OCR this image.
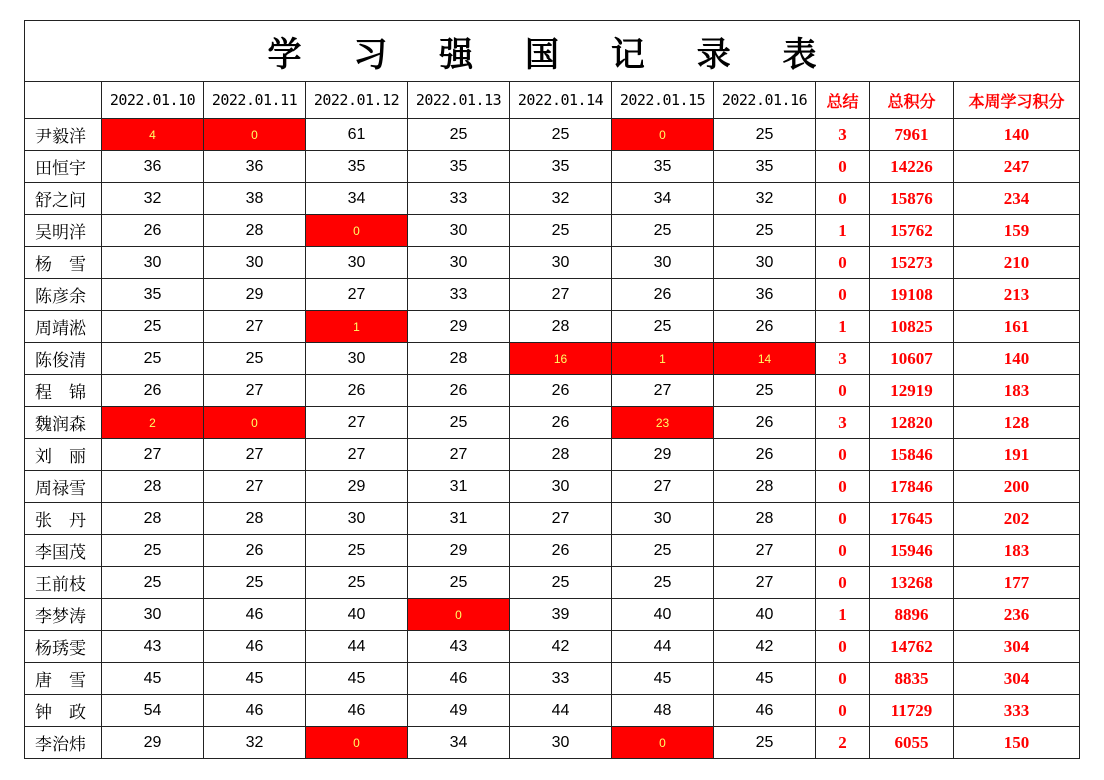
学 习 强 国 记 录 表										
	2022.01.10	2022.01.11	2022.01.12	2022.01.13	2022.01.14	2022.01.15	2022.01.16	总结	总积分	本周学习积分
尹毅洋	4	0	61	25	25	0	25	3	7961	140
田恒宇	36	36	35	35	35	35	35	0	14226	247
舒之问	32	38	34	33	32	34	32	0	15876	234
吴明洋	26	28	0	30	25	25	25	1	15762	159
杨　雪	30	30	30	30	30	30	30	0	15273	210
陈彦余	35	29	27	33	27	26	36	0	19108	213
周靖淞	25	27	1	29	28	25	26	1	10825	161
陈俊清	25	25	30	28	16	1	14	3	10607	140
程　锦	26	27	26	26	26	27	25	0	12919	183
魏润森	2	0	27	25	26	23	26	3	12820	128
刘　丽	27	27	27	27	28	29	26	0	15846	191
周禄雪	28	27	29	31	30	27	28	0	17846	200
张　丹	28	28	30	31	27	30	28	0	17645	202
李国茂	25	26	25	29	26	25	27	0	15946	183
王前枝	25	25	25	25	25	25	27	0	13268	177
李梦涛	30	46	40	0	39	40	40	1	8896	236
杨琇雯	43	46	44	43	42	44	42	0	14762	304
唐　雪	45	45	45	46	33	45	45	0	8835	304
钟　政	54	46	46	49	44	48	46	0	11729	333
李治炜	29	32	0	34	30	0	25	2	6055	150
